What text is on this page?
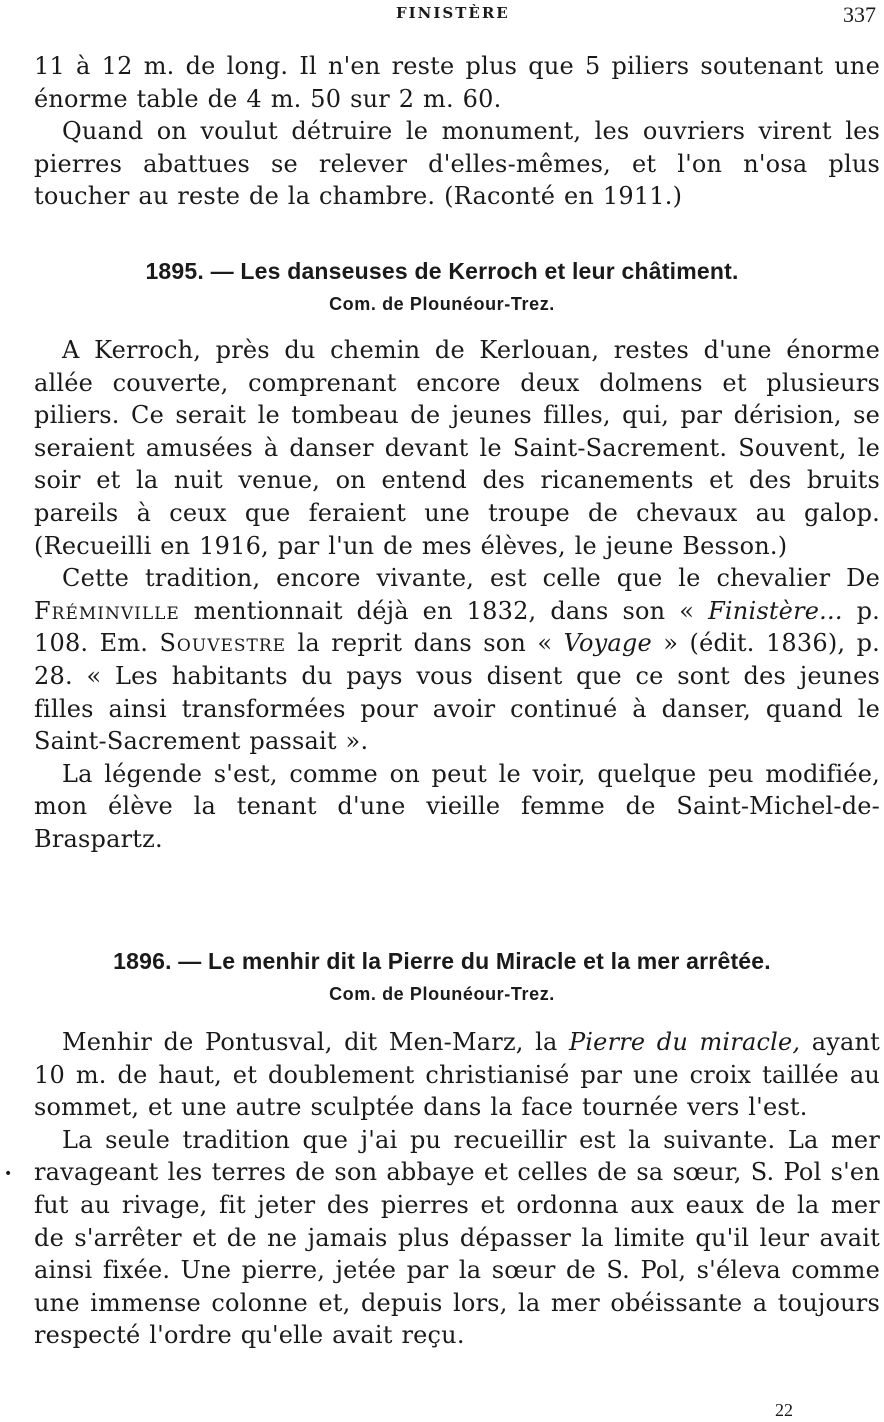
FINISTÈRE	337

11 à 12 m. de long. Il n'en reste plus que 5 piliers soutenant une énorme table de 4 m. 50 sur 2 m. 60.

Quand on voulut détruire le monument, les ouvriers virent les pierres abattues se relever d'elles-mêmes, et l'on n'osa plus toucher au reste de la chambre. (Raconté en 1911.)

1895. — Les danseuses de Kerroch et leur châtiment.
Com. de Plounéour-Trez.

A Kerroch, près du chemin de Kerlouan, restes d'une énorme allée couverte, comprenant encore deux dolmens et plusieurs piliers. Ce serait le tombeau de jeunes filles, qui, par dérision, se seraient amusées à danser devant le Saint-Sacrement. Souvent, le soir et la nuit venue, on entend des ricanements et des bruits pareils à ceux que feraient une troupe de chevaux au galop. (Recueilli en 1916, par l'un de mes élèves, le jeune Besson.)

Cette tradition, encore vivante, est celle que le chevalier De Fréminville mentionnait déjà en 1832, dans son « Finistère... p. 108. Em. Souvestre la reprit dans son « Voyage » (édit. 1836), p. 28. « Les habitants du pays vous disent que ce sont des jeunes filles ainsi transformées pour avoir continué à danser, quand le Saint-Sacrement passait ».

La légende s'est, comme on peut le voir, quelque peu modifiée, mon élève la tenant d'une vieille femme de Saint-Michel-de-Braspartz.

1896. — Le menhir dit la Pierre du Miracle et la mer arrêtée.
Com. de Plounéour-Trez.

Menhir de Pontusval, dit Men-Marz, la Pierre du miracle, ayant 10 m. de haut, et doublement christianisé par une croix taillée au sommet, et une autre sculptée dans la face tournée vers l'est.

La seule tradition que j'ai pu recueillir est la suivante. La mer ravageant les terres de son abbaye et celles de sa sœur, S. Pol s'en fut au rivage, fit jeter des pierres et ordonna aux eaux de la mer de s'arrêter et de ne jamais plus dépasser la limite qu'il leur avait ainsi fixée. Une pierre, jetée par la sœur de S. Pol, s'éleva comme une immense colonne et, depuis lors, la mer obéissante a toujours respecté l'ordre qu'elle avait reçu.

•
22
